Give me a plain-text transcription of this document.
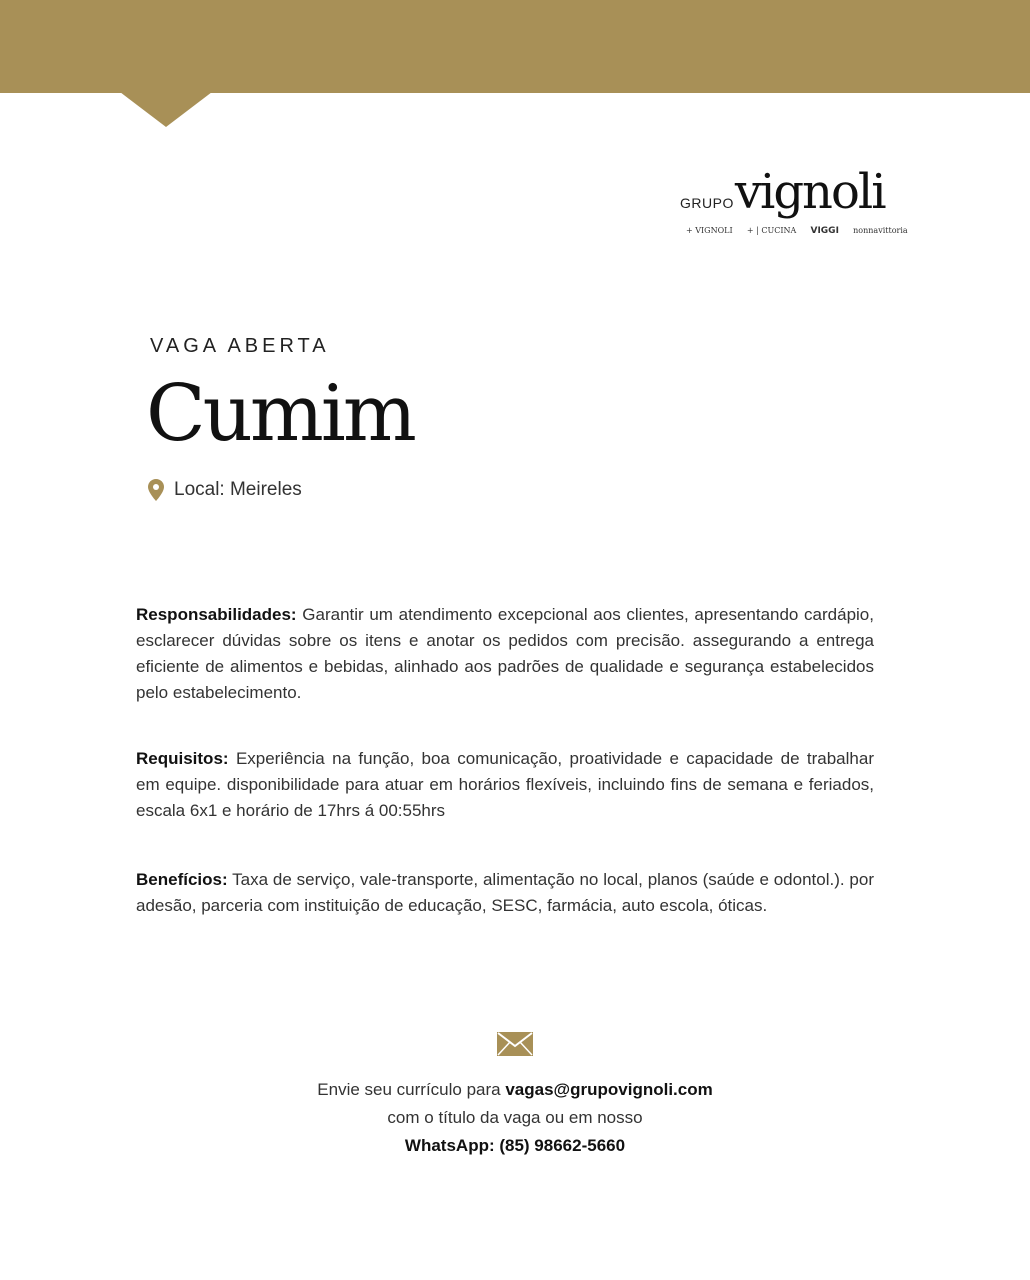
GRUPOvignoli
+ VIGNOLI + | CUCINA VIGGI nonnavittoria
VAGA ABERTA
Cumim
Local: Meireles
Responsabilidades: Garantir um atendimento excepcional aos clientes, apresentando cardápio, esclarecer dúvidas sobre os itens e anotar os pedidos com precisão. assegurando a entrega eficiente de alimentos e bebidas, alinhado aos padrões de qualidade e segurança estabelecidos pelo estabelecimento.
Requisitos: Experiência na função, boa comunicação, proatividade e capacidade de trabalhar em equipe. disponibilidade para atuar em horários flexíveis, incluindo fins de semana e feriados, escala 6x1 e horário de 17hrs á 00:55hrs
Benefícios: Taxa de serviço, vale-transporte, alimentação no local, planos (saúde e odontol.). por adesão, parceria com instituição de educação, SESC, farmácia, auto escola, óticas.
Envie seu currículo para vagas@grupovignoli.com
com o título da vaga ou em nosso
WhatsApp: (85) 98662-5660
